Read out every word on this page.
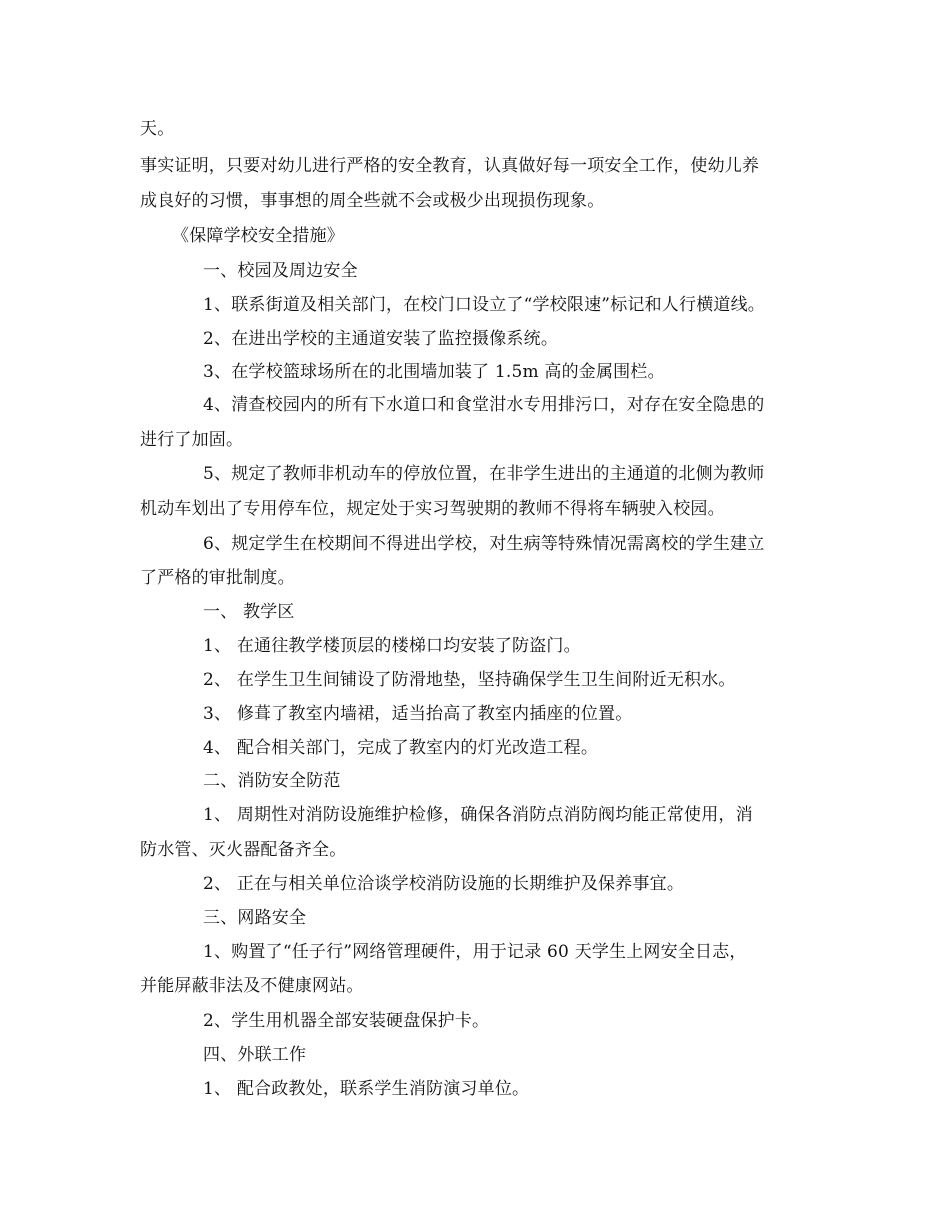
天。
事实证明，只要对幼儿进行严格的安全教育，认真做好每一项安全工作，使幼儿养
成良好的习惯，事事想的周全些就不会或极少出现损伤现象。
《保障学校安全措施》
一、校园及周边安全
1、联系街道及相关部门，在校门口设立了“学校限速”标记和人行横道线。
2、在进出学校的主通道安装了监控摄像系统。
3、在学校篮球场所在的北围墙加装了 1.5m 高的金属围栏。
4、清查校园内的所有下水道口和食堂泔水专用排污口，对存在安全隐患的
进行了加固。
5、规定了教师非机动车的停放位置，在非学生进出的主通道的北侧为教师
机动车划出了专用停车位，规定处于实习驾驶期的教师不得将车辆驶入校园。
6、规定学生在校期间不得进出学校，对生病等特殊情况需离校的学生建立
了严格的审批制度。
一、 教学区
1、 在通往教学楼顶层的楼梯口均安装了防盗门。
2、 在学生卫生间铺设了防滑地垫，坚持确保学生卫生间附近无积水。
3、 修葺了教室内墙裙，适当抬高了教室内插座的位置。
4、 配合相关部门，完成了教室内的灯光改造工程。
二、消防安全防范
1、 周期性对消防设施维护检修，确保各消防点消防阀均能正常使用，消
防水管、灭火器配备齐全。
2、 正在与相关单位洽谈学校消防设施的长期维护及保养事宜。
三、网路安全
1、购置了“任子行”网络管理硬件，用于记录 60 天学生上网安全日志，
并能屏蔽非法及不健康网站。
2、学生用机器全部安装硬盘保护卡。
四、外联工作
1、 配合政教处，联系学生消防演习单位。
